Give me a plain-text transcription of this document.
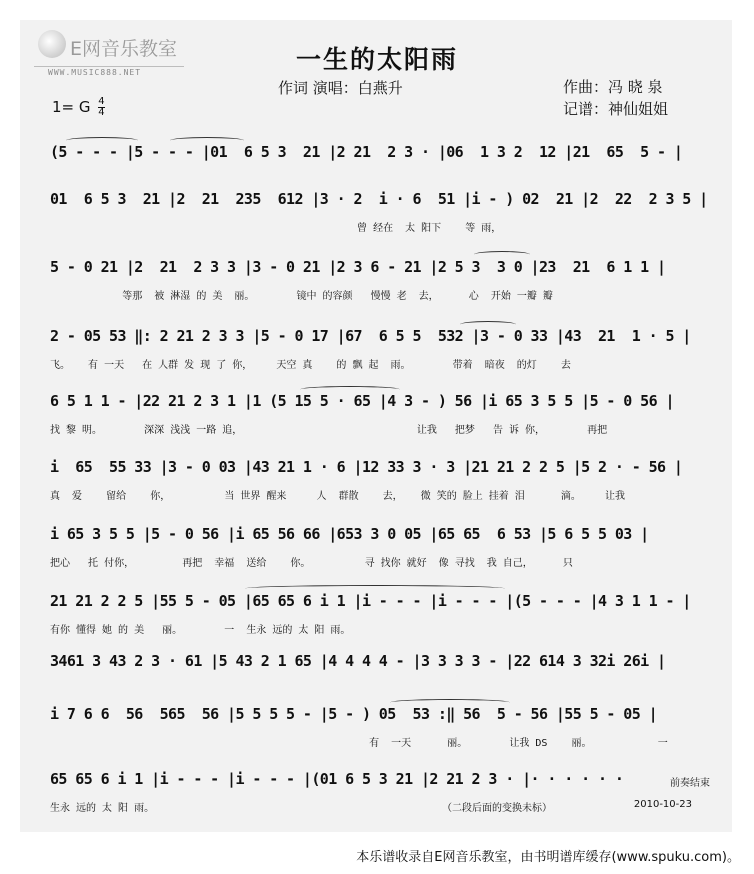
E网音乐教室
WWW.MUSIC888.NET	一生的太阳雨
作词 演唱：白燕升	作曲：冯 晓 泉
记谱：神仙姐姐
1= G $\frac{4}{4}$
(5 - - - |5 - - - |01  6 5 3  21 |2 21  2 3 · |06  1 3 2  12 |21  65  5 - |
01  6 5 3  21 |2  21  235  612 |3 · 2  i · 6  51 |i - ) 02  21 |2  22  2 3 5 |
曾 经在  太 阳下    等 雨，
5 - 0 21 |2  21  2 3 3 |3 - 0 21 |2 3 6 - 21 |2 5 3  3 0 |23  21  6 1 1 |
等那  被 淋湿 的 美  丽。       镜中 的容颜   慢慢 老  去，     心  开始 一瓣 瓣
2 - 05 53 ‖: 2 21 2 3 3 |5 - 0 17 |67  6 5 5  532 |3 - 0 33 |43  21  1 · 5 |
飞。   有 一天   在 人群 发 现 了 你，    天空 真    的 飘 起  雨。       带着  暗夜  的灯    去
6 5 1 1 - |22 21 2 3 1 |1 (5 15 5 · 65 |4 3 - ) 56 |i 65 3 5 5 |5 - 0 56 |
找 黎 明。       深深 浅浅 一路 追，                             让我   把梦   告 诉 你，       再把
i  65  55 33 |3 - 0 03 |43 21 1 · 6 |12 33 3 · 3 |21 21 2 2 5 |5 2 · - 56 |
真  爱    留给    你，         当 世界 醒来     人  群散    去，   微 笑的 脸上 挂着 泪      滴。    让我
i 65 3 5 5 |5 - 0 56 |i 65 56 66 |653 3 0 05 |65 65  6 53 |5 6 5 5 03 |
把心   托 付你，        再把  幸福  送给    你。         寻 找你 就好  像 寻找  我 自己，     只
21 21 2 2 5 |55 5 - 05 |65 65 6 i 1 |i - - - |i - - - |(5 - - - |4 3 1 1 - |
有你 懂得 她 的 美   丽。       一  生永 远的 太 阳 雨。
3461 3 43 2 3 · 61 |5 43 2 1 65 |4 4 4 4 - |3 3 3 3 - |22 614 3 32i 26i |
i 7 6 6  56  565  56 |5 5 5 5 - |5 - ) 05  53 :‖ 56  5 - 56 |55 5 - 05 |
有  一天      丽。       让我 DS    丽。           一
65 65 6 i 1 |i - - - |i - - - |(01 6 5 3 21 |2 21 2 3 · |· · · · · ·
生永 远的 太 阳 雨。
前奏结束
（二段后面的变换未标）	2010-10-23
本乐谱收录自E网音乐教室，由书明谱库缓存(www.spuku.com)。
